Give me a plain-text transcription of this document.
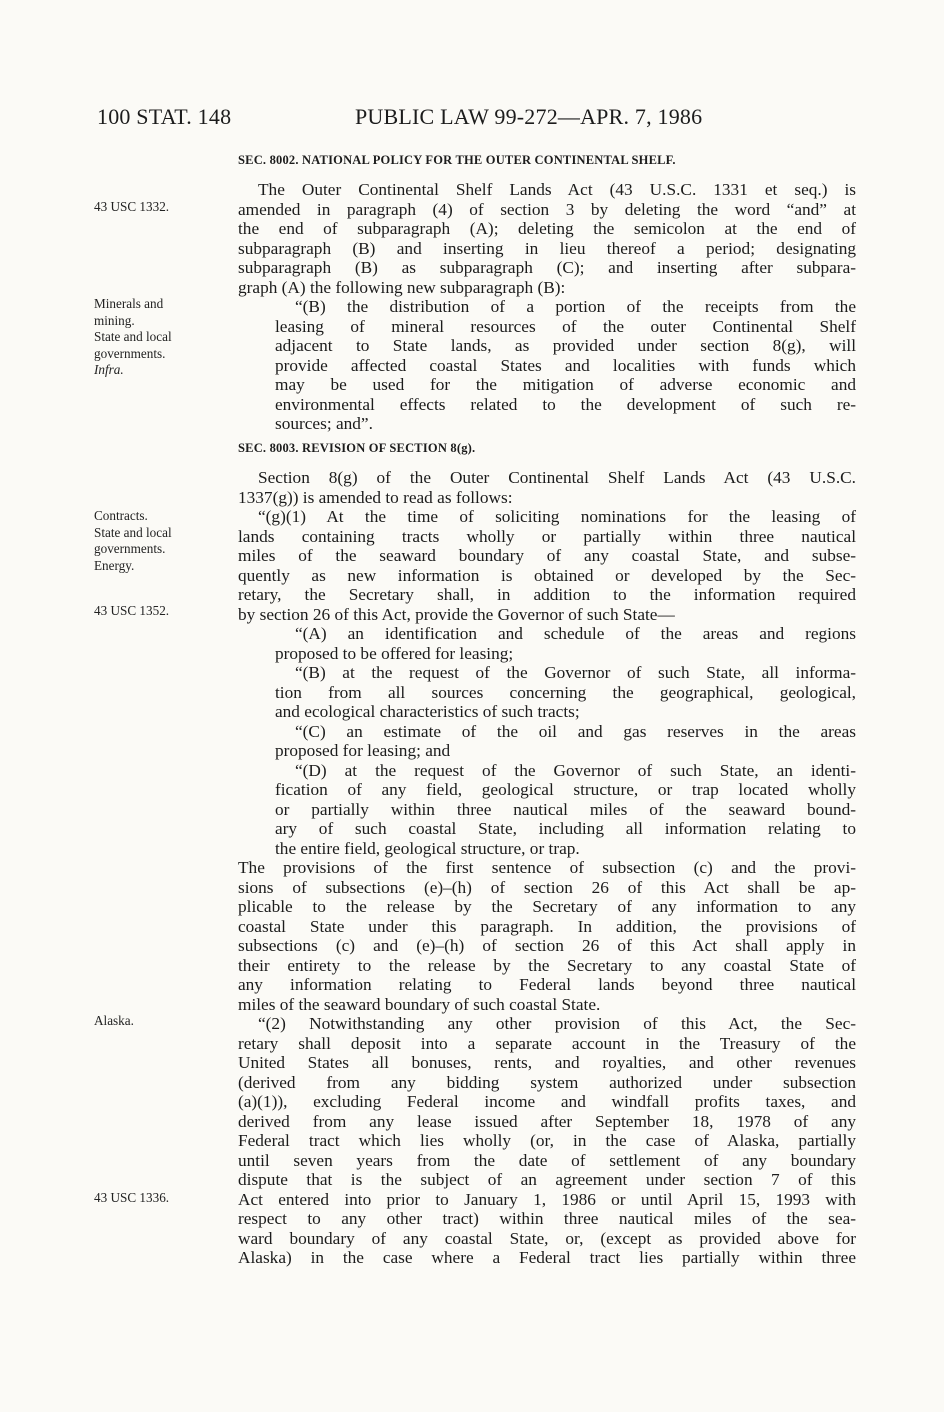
100 STAT. 148	PUBLIC LAW 99-272—APR. 7, 1986
43 USC 1332.
Minerals and
mining.
State and local
governments.
Infra.
Contracts.
State and local
governments.
Energy.
43 USC 1352.
Alaska.
43 USC 1336.
SEC. 8002. NATIONAL POLICY FOR THE OUTER CONTINENTAL SHELF.
SEC. 8003. REVISION OF SECTION 8(g).
The Outer Continental Shelf Lands Act (43 U.S.C. 1331 et seq.) is
amended in paragraph (4) of section 3 by deleting the word “and” at
the end of subparagraph (A); deleting the semicolon at the end of
subparagraph (B) and inserting in lieu thereof a period; designating
subparagraph (B) as subparagraph (C); and inserting after subpara-
graph (A) the following new subparagraph (B):
“(B) the distribution of a portion of the receipts from the
leasing of mineral resources of the outer Continental Shelf
adjacent to State lands, as provided under section 8(g), will
provide affected coastal States and localities with funds which
may be used for the mitigation of adverse economic and
environmental effects related to the development of such re-
sources; and”.
Section 8(g) of the Outer Continental Shelf Lands Act (43 U.S.C.
1337(g)) is amended to read as follows:
“(g)(1) At the time of soliciting nominations for the leasing of
lands containing tracts wholly or partially within three nautical
miles of the seaward boundary of any coastal State, and subse-
quently as new information is obtained or developed by the Sec-
retary, the Secretary shall, in addition to the information required
by section 26 of this Act, provide the Governor of such State—
“(A) an identification and schedule of the areas and regions
proposed to be offered for leasing;
“(B) at the request of the Governor of such State, all informa-
tion from all sources concerning the geographical, geological,
and ecological characteristics of such tracts;
“(C) an estimate of the oil and gas reserves in the areas
proposed for leasing; and
“(D) at the request of the Governor of such State, an identi-
fication of any field, geological structure, or trap located wholly
or partially within three nautical miles of the seaward bound-
ary of such coastal State, including all information relating to
the entire field, geological structure, or trap.
The provisions of the first sentence of subsection (c) and the provi-
sions of subsections (e)–(h) of section 26 of this Act shall be ap-
plicable to the release by the Secretary of any information to any
coastal State under this paragraph. In addition, the provisions of
subsections (c) and (e)–(h) of section 26 of this Act shall apply in
their entirety to the release by the Secretary to any coastal State of
any information relating to Federal lands beyond three nautical
miles of the seaward boundary of such coastal State.
“(2) Notwithstanding any other provision of this Act, the Sec-
retary shall deposit into a separate account in the Treasury of the
United States all bonuses, rents, and royalties, and other revenues
(derived from any bidding system authorized under subsection
(a)(1)), excluding Federal income and windfall profits taxes, and
derived from any lease issued after September 18, 1978 of any
Federal tract which lies wholly (or, in the case of Alaska, partially
until seven years from the date of settlement of any boundary
dispute that is the subject of an agreement under section 7 of this
Act entered into prior to January 1, 1986 or until April 15, 1993 with
respect to any other tract) within three nautical miles of the sea-
ward boundary of any coastal State, or, (except as provided above for
Alaska) in the case where a Federal tract lies partially within three
